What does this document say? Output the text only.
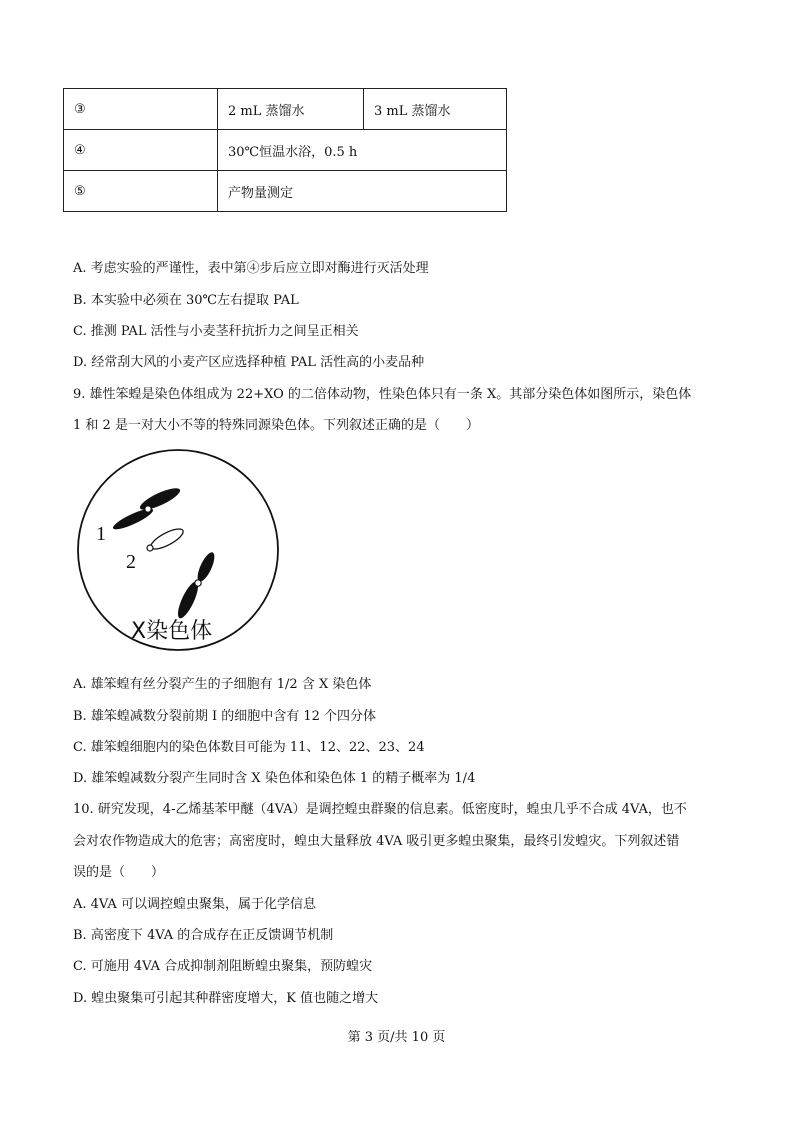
③	2 mL 蒸馏水	3 mL 蒸馏水
④	30℃恒温水浴，0.5 h	
⑤	产物量测定	
A. 考虑实验的严谨性，表中第④步后应立即对酶进行灭活处理
B. 本实验中必须在 30℃左右提取 PAL
C. 推测 PAL 活性与小麦茎秆抗折力之间呈正相关
D. 经常刮大风的小麦产区应选择种植 PAL 活性高的小麦品种
9. 雄性笨蝗是染色体组成为 22+XO 的二倍体动物，性染色体只有一条 X。其部分染色体如图所示，染色体
1 和 2 是一对大小不等的特殊同源染色体。下列叙述正确的是（　　）
1
2
X染色体
A. 雄笨蝗有丝分裂产生的子细胞有 1/2 含 X 染色体
B. 雄笨蝗减数分裂前期 I 的细胞中含有 12 个四分体
C. 雄笨蝗细胞内的染色体数目可能为 11、12、22、23、24
D. 雄笨蝗减数分裂产生同时含 X 染色体和染色体 1 的精子概率为 1/4
10. 研究发现，4-乙烯基苯甲醚（4VA）是调控蝗虫群聚的信息素。低密度时，蝗虫几乎不合成 4VA，也不
会对农作物造成大的危害；高密度时，蝗虫大量释放 4VA 吸引更多蝗虫聚集，最终引发蝗灾。下列叙述错
误的是（　　）
A. 4VA 可以调控蝗虫聚集，属于化学信息
B. 高密度下 4VA 的合成存在正反馈调节机制
C. 可施用 4VA 合成抑制剂阻断蝗虫聚集，预防蝗灾
D. 蝗虫聚集可引起其种群密度增大，K 值也随之增大
第 3 页/共 10 页
